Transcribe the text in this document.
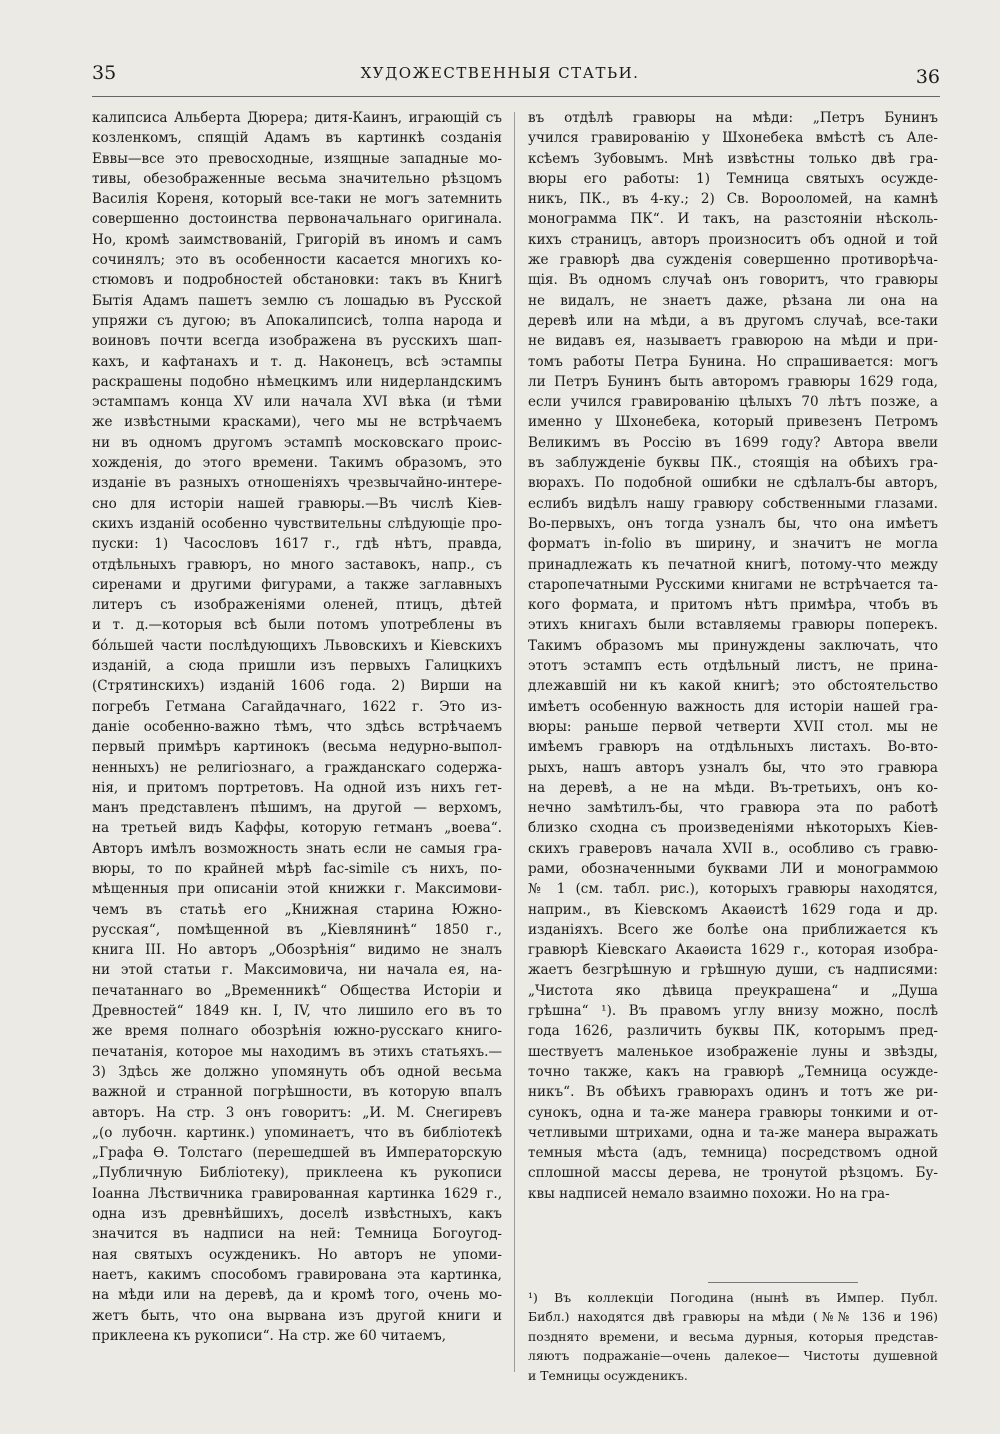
35	ХУДОЖЕСТВЕННЫЯ СТАТЬИ.	36

калипсиса Альберта Дюрера; дитя-Каинъ, играющій съ

козленкомъ, спящій Адамъ въ картинкѣ созданія

Еввы—все это превосходные, изящные западные мо-

тивы, обезображенные весьма значительно рѣзцомъ

Василія Кореня, который все-таки не могъ затемнить

совершенно достоинства первоначальнаго оригинала.

Но, кромѣ заимствованій, Григорій въ иномъ и самъ

сочинялъ; это въ особенности касается многихъ ко-

стюмовъ и подробностей обстановки: такъ въ Книгѣ

Бытія Адамъ пашетъ землю съ лошадью въ Русской

упряжи съ дугою; въ Апокалипсисѣ, толпа народа и

воиновъ почти всегда изображена въ русскихъ шап-

кахъ, и кафтанахъ и т. д. Наконецъ, всѣ эстампы

раскрашены подобно нѣмецкимъ или нидерландскимъ

эстампамъ конца XV или начала XVI вѣка (и тѣми

же извѣстными красками), чего мы не встрѣчаемъ

ни въ одномъ другомъ эстампѣ московскаго проис-

хожденія, до этого времени. Такимъ образомъ, это

изданіе въ разныхъ отношеніяхъ чрезвычайно-интере-

сно для исторіи нашей гравюры.—Въ числѣ Кіев-

скихъ изданій особенно чувствительны слѣдующіе про-

пуски: 1) Часословъ 1617 г., гдѣ нѣтъ, правда,

отдѣльныхъ гравюръ, но много заставокъ, напр., съ

сиренами и другими фигурами, а также заглавныхъ

литеръ съ изображеніями оленей, птицъ, дѣтей

и т. д.—которыя всѣ были потомъ употреблены въ

бóльшей части послѣдующихъ Львовскихъ и Кіевскихъ

изданій, а сюда пришли изъ первыхъ Галицкихъ

(Стрятинскихъ) изданій 1606 года. 2) Вирши на

погребъ Гетмана Сагайдачнаго, 1622 г. Это из-

даніе особенно-важно тѣмъ, что здѣсь встрѣчаемъ

первый примѣръ картинокъ (весьма недурно-выпол-

ненныхъ) не религіознаго, а гражданскаго содержа-

нія, и притомъ портретовъ. На одной изъ нихъ гет-

манъ представленъ пѣшимъ, на другой — верхомъ,

на третьей видъ Каффы, которую гетманъ „воева“.

Авторъ имѣлъ возможность знать если не самыя гра-

вюры, то по крайней мѣрѣ fac-simile съ нихъ, по-

мѣщенныя при описаніи этой книжки г. Максимови-

чемъ въ статьѣ его „Книжная старина Южно-

русская“, помѣщенной въ „Кіевлянинѣ“ 1850 г.,

книга III. Но авторъ „Обозрѣнія“ видимо не зналъ

ни этой статьи г. Максимовича, ни начала ея, на-

печатаннаго во „Временникѣ“ Общества Исторіи и

Древностей“ 1849 кн. I, IV, что лишило его въ то

же время полнаго обозрѣнія южно-русскаго книго-

печатанія, которое мы находимъ въ этихъ статьяхъ.—

3) Здѣсь же должно упомянуть объ одной весьма

важной и странной погрѣшности, въ которую впалъ

авторъ. На стр. 3 онъ говоритъ: „И. М. Снегиревъ

„(о лубочн. картинк.) упоминаетъ, что въ библіотекѣ

„Графа Ѳ. Толстаго (перешедшей въ Императорскую

„Публичную Библіотеку), приклеена къ рукописи

Іоанна Лѣствичника гравированная картинка 1629 г.,

одна изъ древнѣйшихъ, доселѣ извѣстныхъ, какъ

значится въ надписи на ней: Темница Богоугод-

ная святыхъ осужденикъ. Но авторъ не упоми-

наетъ, какимъ способомъ гравирована эта картинка,

на мѣди или на деревѣ, да и кромѣ того, очень мо-

жетъ быть, что она вырвана изъ другой книги и

приклеена къ рукописи“. На стр. же 60 читаемъ,

въ отдѣлѣ гравюры на мѣди: „Петръ Бунинъ

учился гравированію у Шхонебека вмѣстѣ съ Але-

ксѣемъ Зубовымъ. Мнѣ извѣстны только двѣ гра-

вюры его работы: 1) Темница святыхъ осужде-

никъ, ПК., въ 4-ку.; 2) Св. Ворооломей, на камнѣ

монограмма ПК“. И такъ, на разстояніи нѣсколь-

кихъ страницъ, авторъ произноситъ объ одной и той

же гравюрѣ два сужденія совершенно противорѣча-

щія. Въ одномъ случаѣ онъ говоритъ, что гравюры

не видалъ, не знаетъ даже, рѣзана ли она на

деревѣ или на мѣди, а въ другомъ случаѣ, все-таки

не видавъ ея, называетъ гравюрою на мѣди и при-

томъ работы Петра Бунина. Но спрашивается: могъ

ли Петръ Бунинъ быть авторомъ гравюры 1629 года,

если учился гравированію цѣлыхъ 70 лѣтъ позже, а

именно у Шхонебека, который привезенъ Петромъ

Великимъ въ Россію въ 1699 году? Автора ввели

въ заблужденіе буквы ПК., стоящія на обѣихъ гра-

вюрахъ. По подобной ошибки не сдѣлалъ-бы авторъ,

еслибъ видѣлъ нашу гравюру собственными глазами.

Во-первыхъ, онъ тогда узналъ бы, что она имѣетъ

форматъ in-folio въ ширину, и значитъ не могла

принадлежать къ печатной книгѣ, потому-что между

старопечатными Русскими книгами не встрѣчается та-

кого формата, и притомъ нѣтъ примѣра, чтобъ въ

этихъ книгахъ были вставляемы гравюры поперекъ.

Такимъ образомъ мы принуждены заключать, что

этотъ эстампъ есть отдѣльный листъ, не прина-

длежавшій ни къ какой книгѣ; это обстоятельство

имѣетъ особенную важность для исторіи нашей гра-

вюры: раньше первой четверти XVII стол. мы не

имѣемъ гравюръ на отдѣльныхъ листахъ. Во-вто-

рыхъ, нашъ авторъ узналъ бы, что это гравюра

на деревѣ, а не на мѣди. Въ-третьихъ, онъ ко-

нечно замѣтилъ-бы, что гравюра эта по работѣ

близко сходна съ произведеніями нѣкоторыхъ Кіев-

скихъ граверовъ начала XVII в., особливо съ гравю-

рами, обозначенными буквами ЛИ и монограммою

№ 1 (см. табл. рис.), которыхъ гравюры находятся,

наприм., въ Кіевскомъ Акаѳистѣ 1629 года и др.

изданіяхъ. Всего же болѣе она приближается къ

гравюрѣ Кіевскаго Акаѳиста 1629 г., которая изобра-

жаетъ безгрѣшную и грѣшную души, съ надписями:

„Чистота яко дѣвица преукрашена“ и „Душа

грѣшна“ ¹). Въ правомъ углу внизу можно, послѣ

года 1626, различить буквы ПК, которымъ пред-

шествуетъ маленькое изображеніе луны и звѣзды,

точно также, какъ на гравюрѣ „Темница осужде-

никъ“. Въ обѣихъ гравюрахъ одинъ и тотъ же ри-

сунокъ, одна и та-же манера гравюры тонкими и от-

четливыми штрихами, одна и та-же манера выражать

темныя мѣста (адъ, темница) посредствомъ одной

сплошной массы дерева, не тронутой рѣзцомъ. Бу-

квы надписей немало взаимно похожи. Но на гра-

¹) Въ коллекціи Погодина (нынѣ въ Импер. Публ.

Библ.) находятся двѣ гравюры на мѣди (№№ 136 и 196)

позднято времени, и весьма дурныя, которыя представ-

ляютъ подражаніе—очень далекое— Чистоты душевной

и Темницы осужденикъ.
